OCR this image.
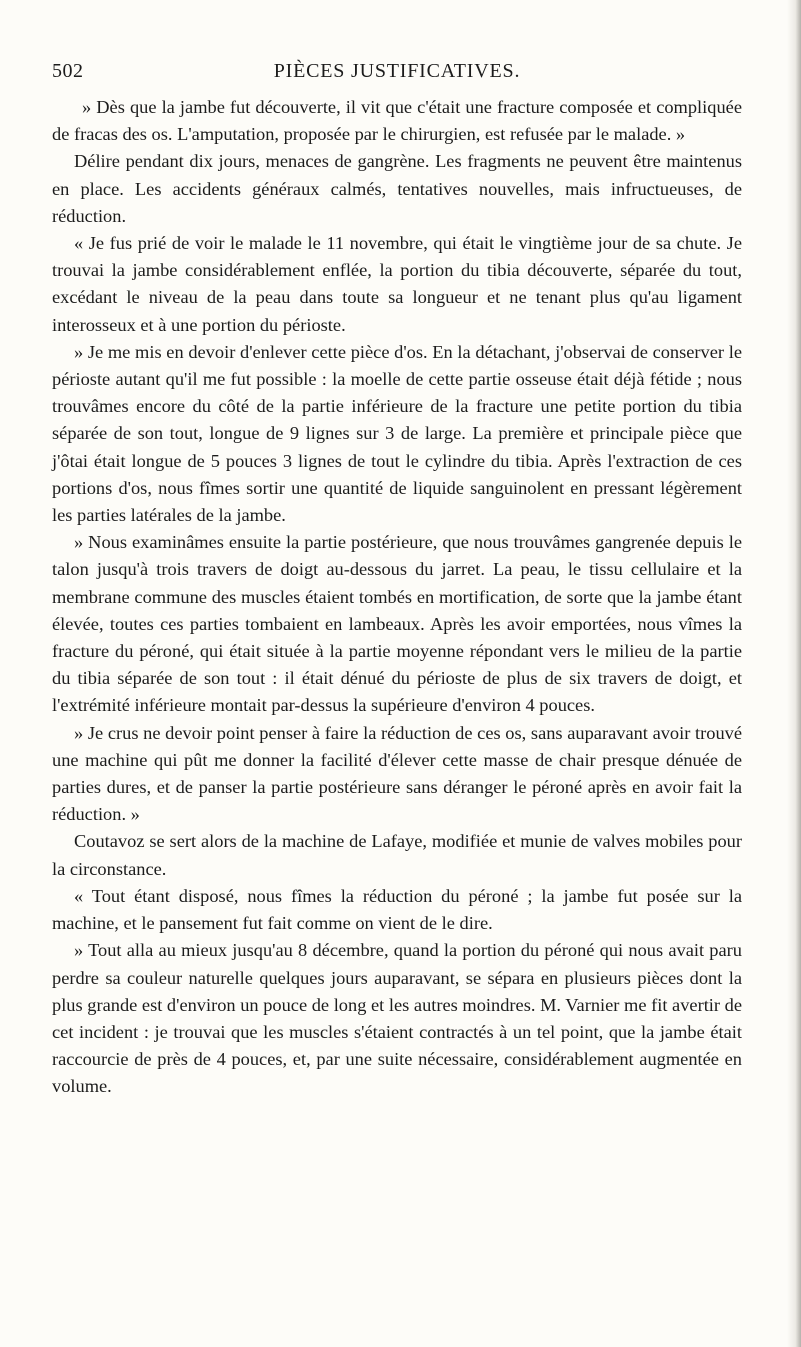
502	PIÈCES JUSTIFICATIVES.

» Dès que la jambe fut découverte, il vit que c'était une fracture composée et compliquée de fracas des os. L'amputation, proposée par le chirurgien, est refusée par le malade. »

Délire pendant dix jours, menaces de gangrène. Les fragments ne peuvent être maintenus en place. Les accidents généraux calmés, tentatives nouvelles, mais infructueuses, de réduction.

« Je fus prié de voir le malade le 11 novembre, qui était le vingtième jour de sa chute. Je trouvai la jambe considérablement enflée, la portion du tibia découverte, séparée du tout, excédant le niveau de la peau dans toute sa longueur et ne tenant plus qu'au ligament interosseux et à une portion du périoste.

» Je me mis en devoir d'enlever cette pièce d'os. En la détachant, j'observai de conserver le périoste autant qu'il me fut possible : la moelle de cette partie osseuse était déjà fétide ; nous trouvâmes encore du côté de la partie inférieure de la fracture une petite portion du tibia séparée de son tout, longue de 9 lignes sur 3 de large. La première et principale pièce que j'ôtai était longue de 5 pouces 3 lignes de tout le cylindre du tibia. Après l'extraction de ces portions d'os, nous fîmes sortir une quantité de liquide sanguinolent en pressant légèrement les parties latérales de la jambe.

» Nous examinâmes ensuite la partie postérieure, que nous trouvâmes gangrenée depuis le talon jusqu'à trois travers de doigt au-dessous du jarret. La peau, le tissu cellulaire et la membrane commune des muscles étaient tombés en mortification, de sorte que la jambe étant élevée, toutes ces parties tombaient en lambeaux. Après les avoir emportées, nous vîmes la fracture du péroné, qui était située à la partie moyenne répondant vers le milieu de la partie du tibia séparée de son tout : il était dénué du périoste de plus de six travers de doigt, et l'extrémité inférieure montait par-dessus la supérieure d'environ 4 pouces.

» Je crus ne devoir point penser à faire la réduction de ces os, sans auparavant avoir trouvé une machine qui pût me donner la facilité d'élever cette masse de chair presque dénuée de parties dures, et de panser la partie postérieure sans déranger le péroné après en avoir fait la réduction. »

Coutavoz se sert alors de la machine de Lafaye, modifiée et munie de valves mobiles pour la circonstance.

« Tout étant disposé, nous fîmes la réduction du péroné ; la jambe fut posée sur la machine, et le pansement fut fait comme on vient de le dire.

» Tout alla au mieux jusqu'au 8 décembre, quand la portion du péroné qui nous avait paru perdre sa couleur naturelle quelques jours auparavant, se sépara en plusieurs pièces dont la plus grande est d'environ un pouce de long et les autres moindres. M. Varnier me fit avertir de cet incident : je trouvai que les muscles s'étaient contractés à un tel point, que la jambe était raccourcie de près de 4 pouces, et, par une suite nécessaire, considérablement augmentée en volume.
